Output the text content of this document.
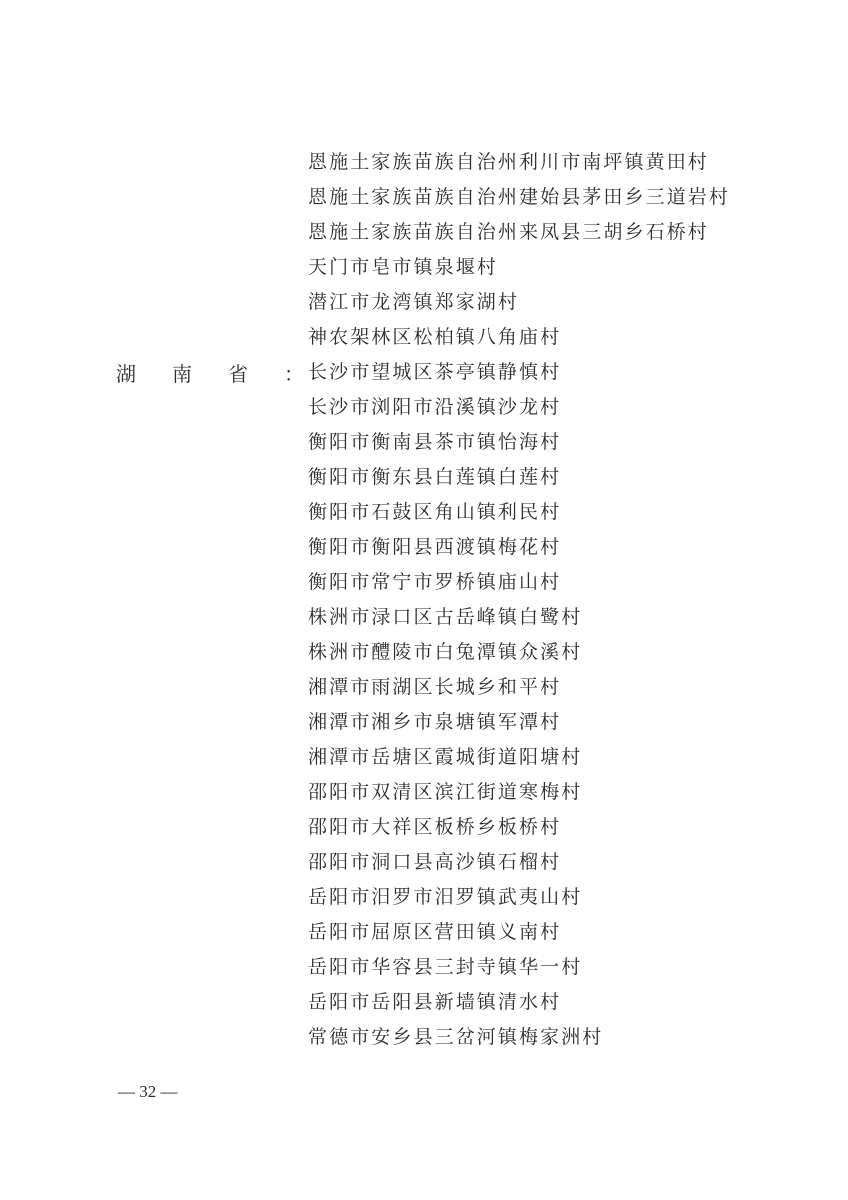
湖 南 省 ：
恩施土家族苗族自治州利川市南坪镇黄田村
恩施土家族苗族自治州建始县茅田乡三道岩村
恩施土家族苗族自治州来凤县三胡乡石桥村
天门市皂市镇泉堰村
潜江市龙湾镇郑家湖村
神农架林区松柏镇八角庙村
长沙市望城区茶亭镇静慎村
长沙市浏阳市沿溪镇沙龙村
衡阳市衡南县茶市镇怡海村
衡阳市衡东县白莲镇白莲村
衡阳市石鼓区角山镇利民村
衡阳市衡阳县西渡镇梅花村
衡阳市常宁市罗桥镇庙山村
株洲市渌口区古岳峰镇白鹭村
株洲市醴陵市白兔潭镇众溪村
湘潭市雨湖区长城乡和平村
湘潭市湘乡市泉塘镇军潭村
湘潭市岳塘区霞城街道阳塘村
邵阳市双清区滨江街道寒梅村
邵阳市大祥区板桥乡板桥村
邵阳市洞口县高沙镇石榴村
岳阳市汨罗市汨罗镇武夷山村
岳阳市屈原区营田镇义南村
岳阳市华容县三封寺镇华一村
岳阳市岳阳县新墙镇清水村
常德市安乡县三岔河镇梅家洲村
— 32 —
